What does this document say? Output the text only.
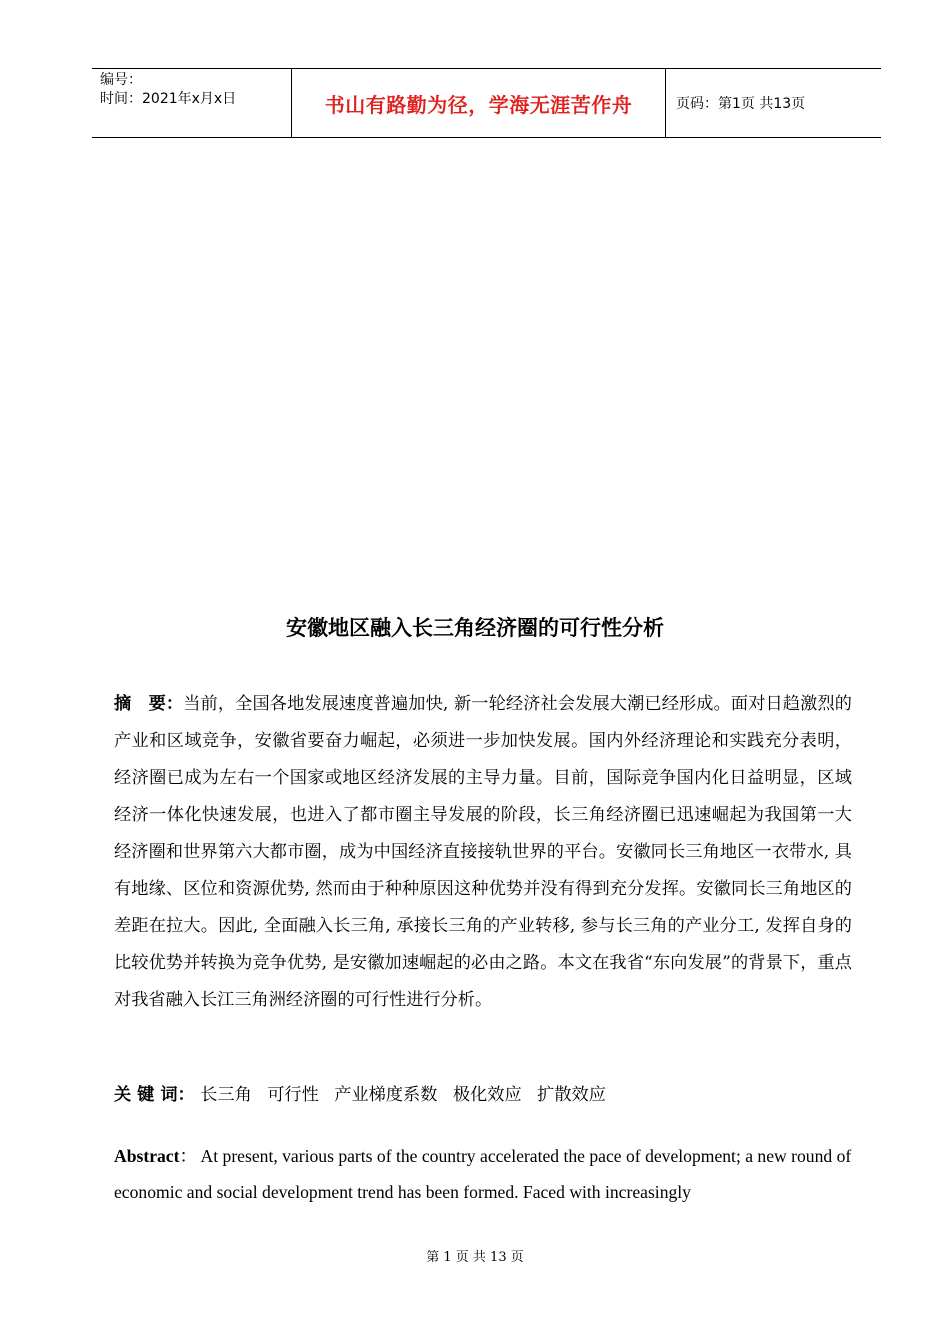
编号：
时间：2021年x月x日	书山有路勤为径，学海无涯苦作舟	页码：第1页 共13页
安徽地区融入长三角经济圈的可行性分析
摘　要：当前，全国各地发展速度普遍加快, 新一轮经济社会发展大潮已经形成。面对日趋激烈的产业和区域竞争，安徽省要奋力崛起，必须进一步加快发展。国内外经济理论和实践充分表明，经济圈已成为左右一个国家或地区经济发展的主导力量。目前，国际竞争国内化日益明显，区域经济一体化快速发展，也进入了都市圈主导发展的阶段，长三角经济圈已迅速崛起为我国第一大经济圈和世界第六大都市圈，成为中国经济直接接轨世界的平台。安徽同长三角地区一衣带水, 具有地缘、区位和资源优势, 然而由于种种原因这种优势并没有得到充分发挥。安徽同长三角地区的差距在拉大。因此, 全面融入长三角, 承接长三角的产业转移, 参与长三角的产业分工, 发挥自身的比较优势并转换为竞争优势, 是安徽加速崛起的必由之路。本文在我省“东向发展”的背景下，重点对我省融入长江三角洲经济圈的可行性进行分析。
关 键 词： 长三角 可行性 产业梯度系数 极化效应 扩散效应
Abstract： At present, various parts of the country accelerated the pace of development; a new round of economic and social development trend has been formed. Faced with increasingly
第 1 页 共 13 页
